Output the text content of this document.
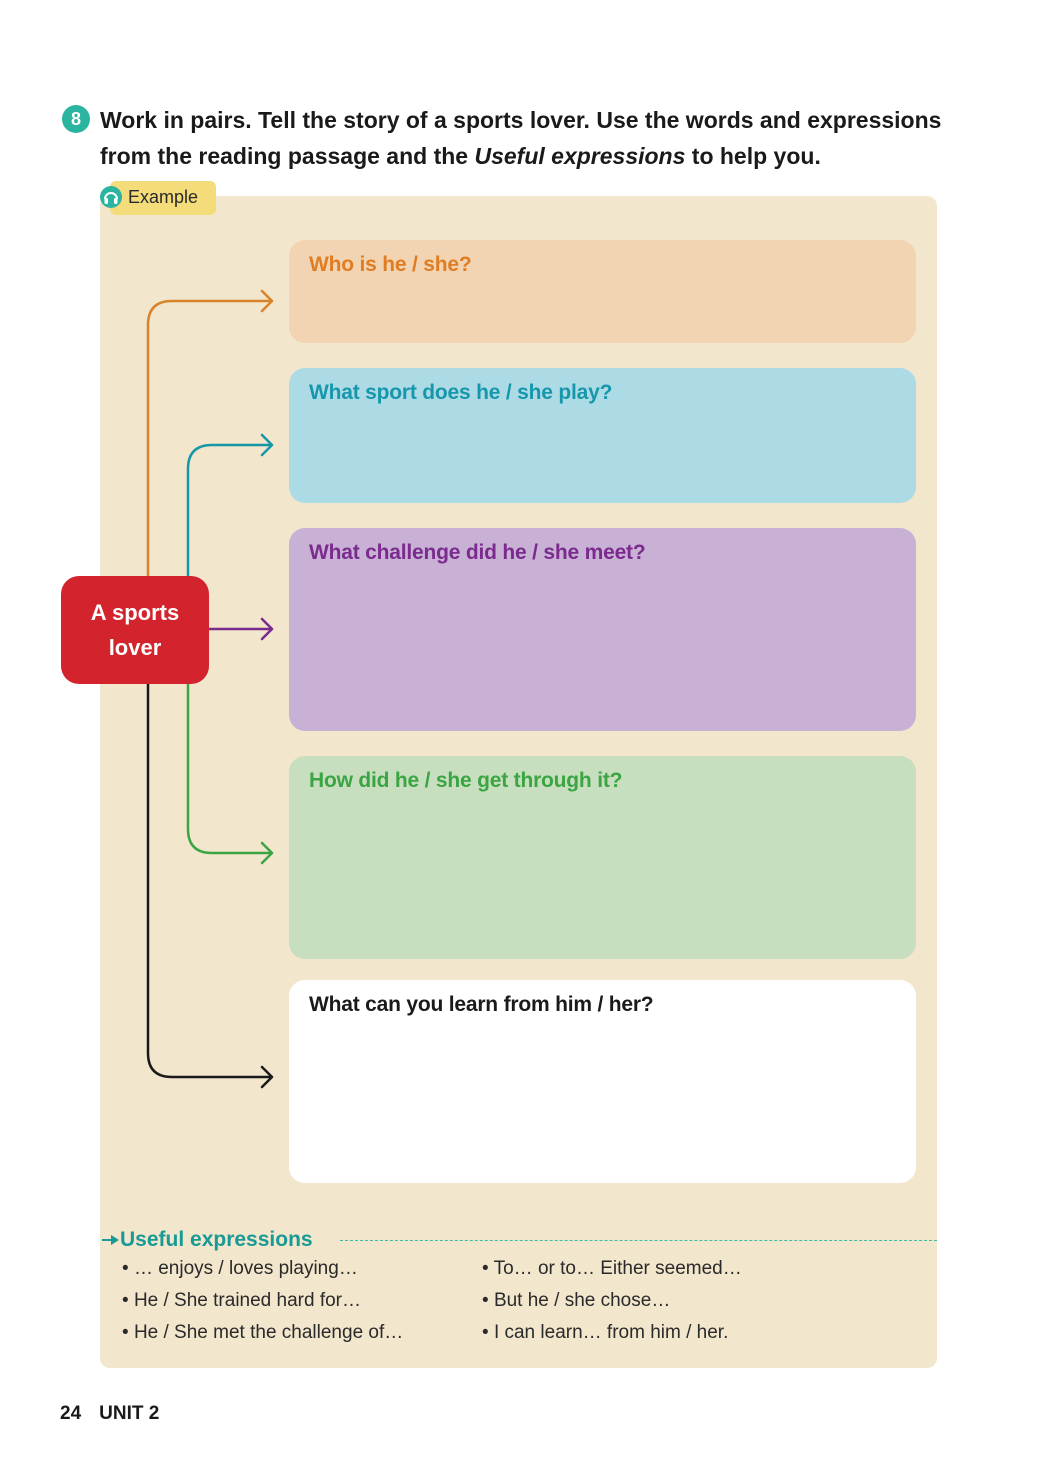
8 Work in pairs. Tell the story of a sports lover. Use the words and expressions
from the reading passage and the Useful expressions to help you.
Example
Who is he / she?
What sport does he / she play?
What challenge did he / she meet?
How did he / she get through it?
What can you learn from him / her?
A sports
lover
Useful expressions
• … enjoys / loves playing…
• He / She trained hard for…
• He / She met the challenge of…
• To… or to… Either seemed…
• But he / she chose…
• I can learn… from him / her.
24 UNIT 2
